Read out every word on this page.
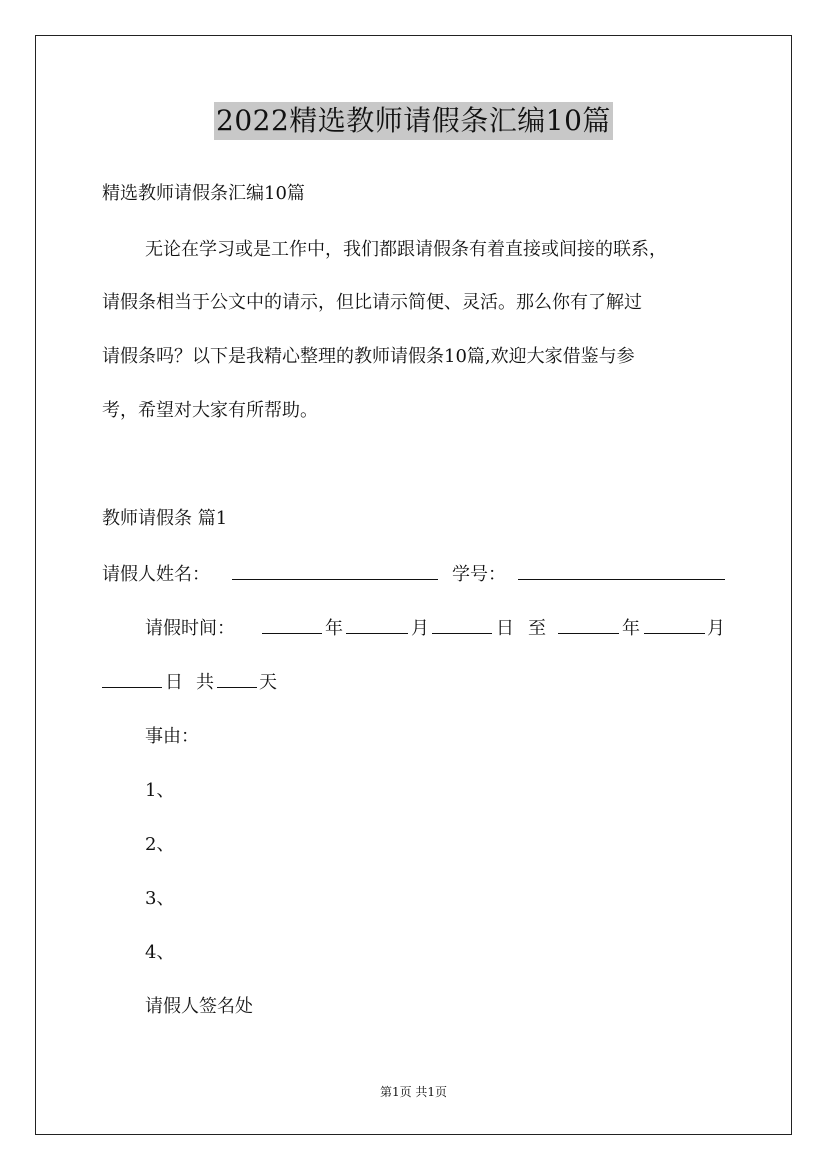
2022精选教师请假条汇编10篇
精选教师请假条汇编10篇
无论在学习或是工作中，我们都跟请假条有着直接或间接的联系，
请假条相当于公文中的请示，但比请示简便、灵活。那么你有了解过
请假条吗？以下是我精心整理的教师请假条10篇,欢迎大家借鉴与参
考，希望对大家有所帮助。
教师请假条 篇1
请假人姓名：	学号：
请假时间：	年	月	日 至	年	月
日 共	天
事由：
1、
2、
3、
4、
请假人签名处
第1页 共1页
